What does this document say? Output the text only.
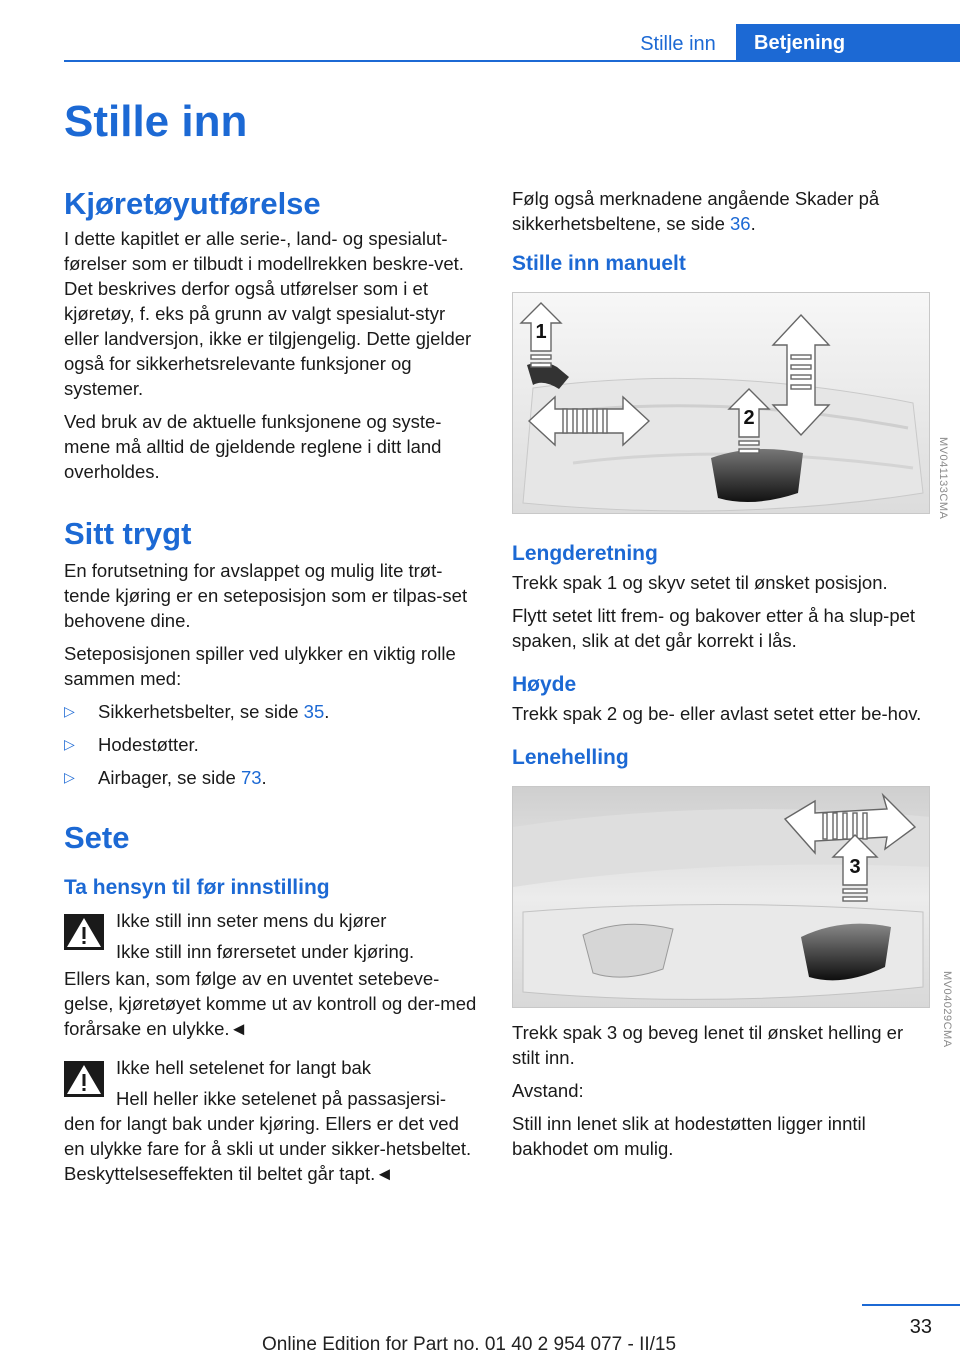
Stille inn	Betjening
Stille inn
Kjøretøyutførelse

I dette kapitlet er alle serie-, land- og spesialut-førelser som er tilbudt i modellrekken beskre-vet. Det beskrives derfor også utførelser som i et kjøretøy, f. eks på grunn av valgt spesialut-styr eller landversjon, ikke er tilgjengelig. Dette gjelder også for sikkerhetsrelevante funksjoner og systemer.

Ved bruk av de aktuelle funksjonene og syste-mene må alltid de gjeldende reglene i ditt land overholdes.

Sitt trygt

En forutsetning for avslappet og mulig lite trøt-tende kjøring er en seteposisjon som er tilpas-set behovene dine.

Seteposisjonen spiller ved ulykker en viktig rolle sammen med:

▷ Sikkerhetsbelter, se side 35.
▷ Hodestøtter.
▷ Airbager, se side 73.
Sete
Ta hensyn til før innstilling

Ikke still inn seter mens du kjører

Ikke still inn førersetet under kjøring.

Ellers kan, som følge av en uventet setebeve-gelse, kjøretøyet komme ut av kontroll og der-med forårsake en ulykke.◄

Ikke hell setelenet for langt bak

Hell heller ikke setelenet på passasjersi-

den for langt bak under kjøring. Ellers er det ved en ulykke fare for å skli ut under sikker-hetsbeltet. Beskyttelseseffekten til beltet går tapt.◄

Følg også merknadene angående Skader på sikkerhetsbeltene, se side 36.

Stille inn manuelt
1
2
Lengderetning

Trekk spak 1 og skyv setet til ønsket posisjon.

Flytt setet litt frem- og bakover etter å ha slup-pet spaken, slik at det går korrekt i lås.

Høyde

Trekk spak 2 og be- eller avlast setet etter be-hov.

Lenehelling
3

Trekk spak 3 og beveg lenet til ønsket helling er stilt inn.

Avstand:

Still inn lenet slik at hodestøtten ligger inntil bakhodet om mulig.

MV041133CMA
MV04029CMA
33
Online Edition for Part no. 01 40 2 954 077 - II/15
